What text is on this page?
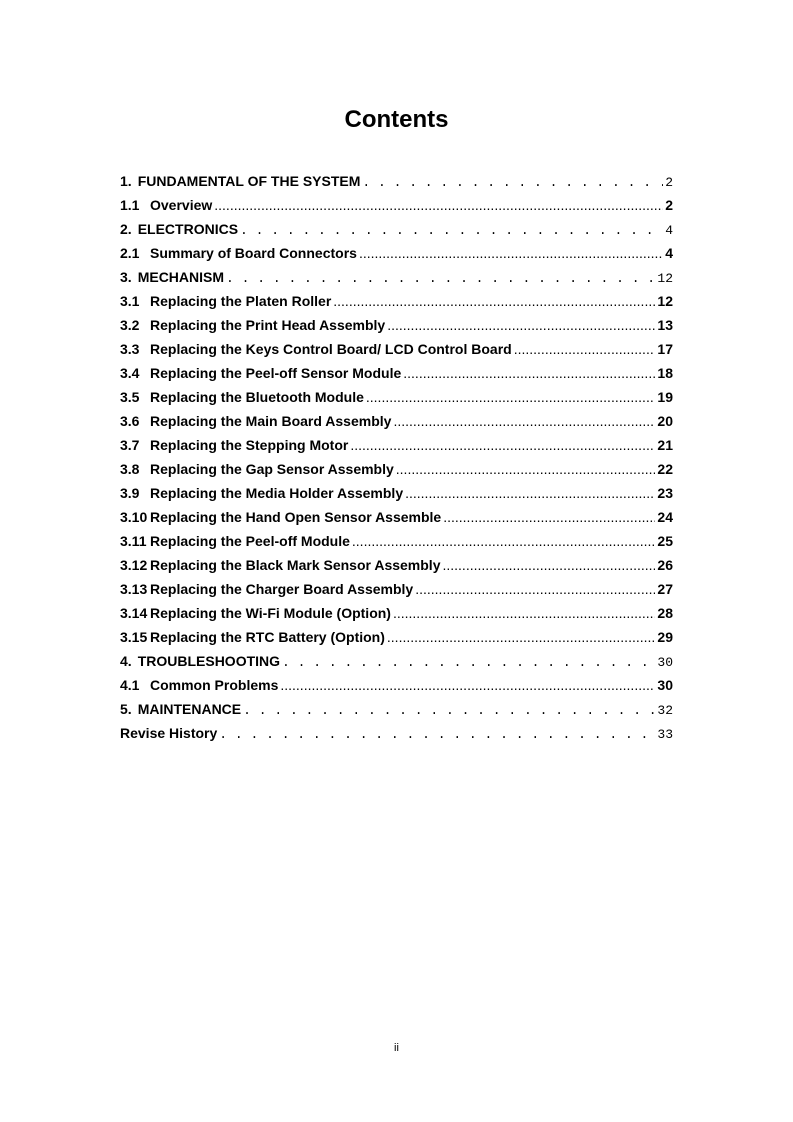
Contents
1. FUNDAMENTAL OF THE SYSTEM . . .	2
1.1 Overview .....	2
2. ELECTRONICS . . .	4
2.1 Summary of Board Connectors .....	4
3. MECHANISM . . .	12
3.1 Replacing the Platen Roller .....	12
3.2 Replacing the Print Head Assembly .....	13
3.3 Replacing the Keys Control Board/ LCD Control Board .....	17
3.4 Replacing the Peel-off Sensor Module .....	18
3.5 Replacing the Bluetooth Module .....	19
3.6 Replacing the Main Board Assembly .....	20
3.7 Replacing the Stepping Motor .....	21
3.8 Replacing the Gap Sensor Assembly .....	22
3.9 Replacing the Media Holder Assembly .....	23
3.10 Replacing the Hand Open Sensor Assemble .....	24
3.11 Replacing the Peel-off Module .....	25
3.12 Replacing the Black Mark Sensor Assembly .....	26
3.13 Replacing the Charger Board Assembly .....	27
3.14 Replacing the Wi-Fi Module (Option) .....	28
3.15 Replacing the RTC Battery (Option) .....	29
4. TROUBLESHOOTING . . .	30
4.1 Common Problems .....	30
5. MAINTENANCE . . .	32
Revise History . . .	33
ii
